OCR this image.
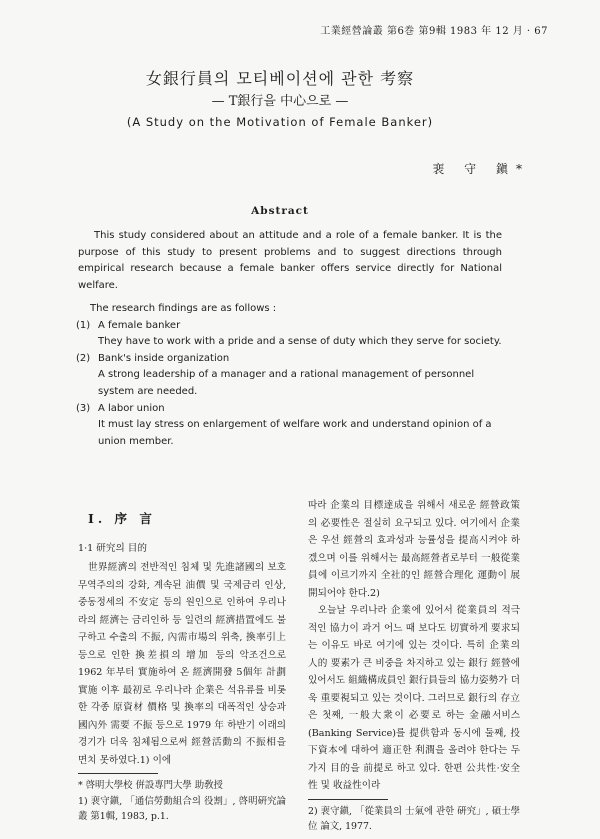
工業經營論叢 第6巻 第9輯 1983 年 12 月 · 67
女銀行員의 모티베이션에 관한 考察
— T銀行을 中心으로 —
(A Study on the Motivation of Female Banker)
裵 守 鎭*
Abstract

This study considered about an attitude and a role of a female banker. It is the purpose of this study to present problems and to suggest directions through empirical research because a female banker offers service directly for National welfare.

The research findings are as follows :

(1) A female banker

They have to work with a pride and a sense of duty which they serve for society.

(2) Bank's inside organization

A strong leadership of a manager and a rational management of personnel system are needed.

(3) A labor union

It must lay stress on enlargement of welfare work and understand opinion of a union member.

I. 序 言
1·1 研究의 目的

世界經濟의 전반적인 침체 및 先進諸國의 보호무역주의의 강화, 계속된 油價 및 국제금리 인상, 중동정세의 不安定 등의 원인으로 인하여 우리나라의 經濟는 금리인하 등 일련의 經濟措置에도 불구하고 수출의 不振, 內需市場의 위축, 換率引上 등으로 인한 換差損의 增加 등의 악조건으로 1962 年부터 實施하여 온 經濟開發 5個年 計劃 實施 이후 最初로 우리나라 企業은 석유류를 비롯한 각종 原資材 價格 및 換率의 대폭적인 상승과 國內外 需要 不振 등으로 1979 年 하반기 이래의 경기가 더욱 침체됨으로써 經營活動의 不振相을 면치 못하였다.1) 이에

* 啓明大學校 倂設專門大學 助敎授

1) 裵守鎭, 「通信勞動組合의 役割」, 啓明硏究論叢 第1輯, 1983, p.1.

따라 企業의 目標達成을 위해서 새로운 經營政策의 必要性은 절실히 요구되고 있다. 여기에서 企業은 우선 經營의 효과성과 능률성을 提高시켜야 하겠으며 이를 위해서는 最高經營者로부터 一般從業員에 이르기까지 全社的인 經營合理化 運動이 展開되어야 한다.2)

오늘날 우리나라 企業에 있어서 從業員의 적극적인 協力이 과거 어느 때 보다도 切實하게 要求되는 이유도 바로 여기에 있는 것이다. 특히 企業의 人的 要素가 큰 비중을 차지하고 있는 銀行 經營에 있어서도 組織構成員인 銀行員들의 協力姿勢가 더욱 重要視되고 있는 것이다. 그러므로 銀行의 存立은 첫째, 一般大衆이 必要로 하는 金融서비스 (Banking Service)를 提供함과 동시에 둘째, 投下資本에 대하여 適正한 利潤을 올려야 한다는 두 가지 目的을 前提로 하고 있다. 한편 公共性·安全性 및 收益性이라

2) 裵守鎭, 「從業員의 士氣에 관한 硏究」, 碩士學位 論文, 1977.
